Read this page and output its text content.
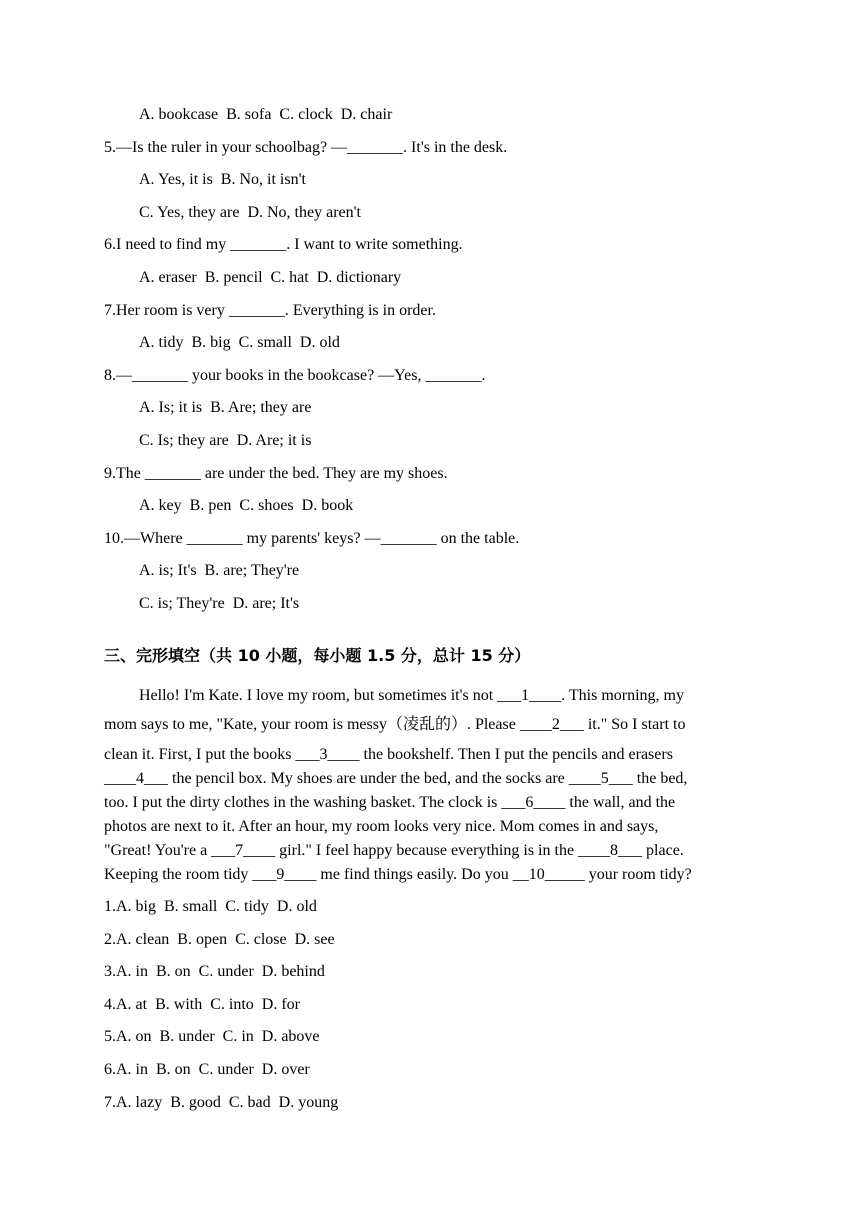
A. bookcase  B. sofa  C. clock  D. chair
5.—Is the ruler in your schoolbag? —_______. It's in the desk.
A. Yes, it is  B. No, it isn't
C. Yes, they are  D. No, they aren't
6.I need to find my _______. I want to write something.
A. eraser  B. pencil  C. hat  D. dictionary
7.Her room is very _______. Everything is in order.
A. tidy  B. big  C. small  D. old
8.—_______ your books in the bookcase? —Yes, _______.
A. Is; it is  B. Are; they are
C. Is; they are  D. Are; it is
9.The _______ are under the bed. They are my shoes.
A. key  B. pen  C. shoes  D. book
10.—Where _______ my parents' keys? —_______ on the table.
A. is; It's  B. are; They're
C. is; They're  D. are; It's
三、完形填空（共 10 小题，每小题 1.5 分，总计 15 分）
Hello! I'm Kate. I love my room, but sometimes it's not ___1____. This morning, my
mom says to me, "Kate, your room is messy（凌乱的）. Please ____2___ it." So I start to
clean it. First, I put the books ___3____ the bookshelf. Then I put the pencils and erasers
____4___ the pencil box. My shoes are under the bed, and the socks are ____5___ the bed,
too. I put the dirty clothes in the washing basket. The clock is ___6____ the wall, and the
photos are next to it. After an hour, my room looks very nice. Mom comes in and says,
"Great! You're a ___7____ girl." I feel happy because everything is in the ____8___ place.
Keeping the room tidy ___9____ me find things easily. Do you __10_____ your room tidy?
1.A. big  B. small  C. tidy  D. old
2.A. clean  B. open  C. close  D. see
3.A. in  B. on  C. under  D. behind
4.A. at  B. with  C. into  D. for
5.A. on  B. under  C. in  D. above
6.A. in  B. on  C. under  D. over
7.A. lazy  B. good  C. bad  D. young
